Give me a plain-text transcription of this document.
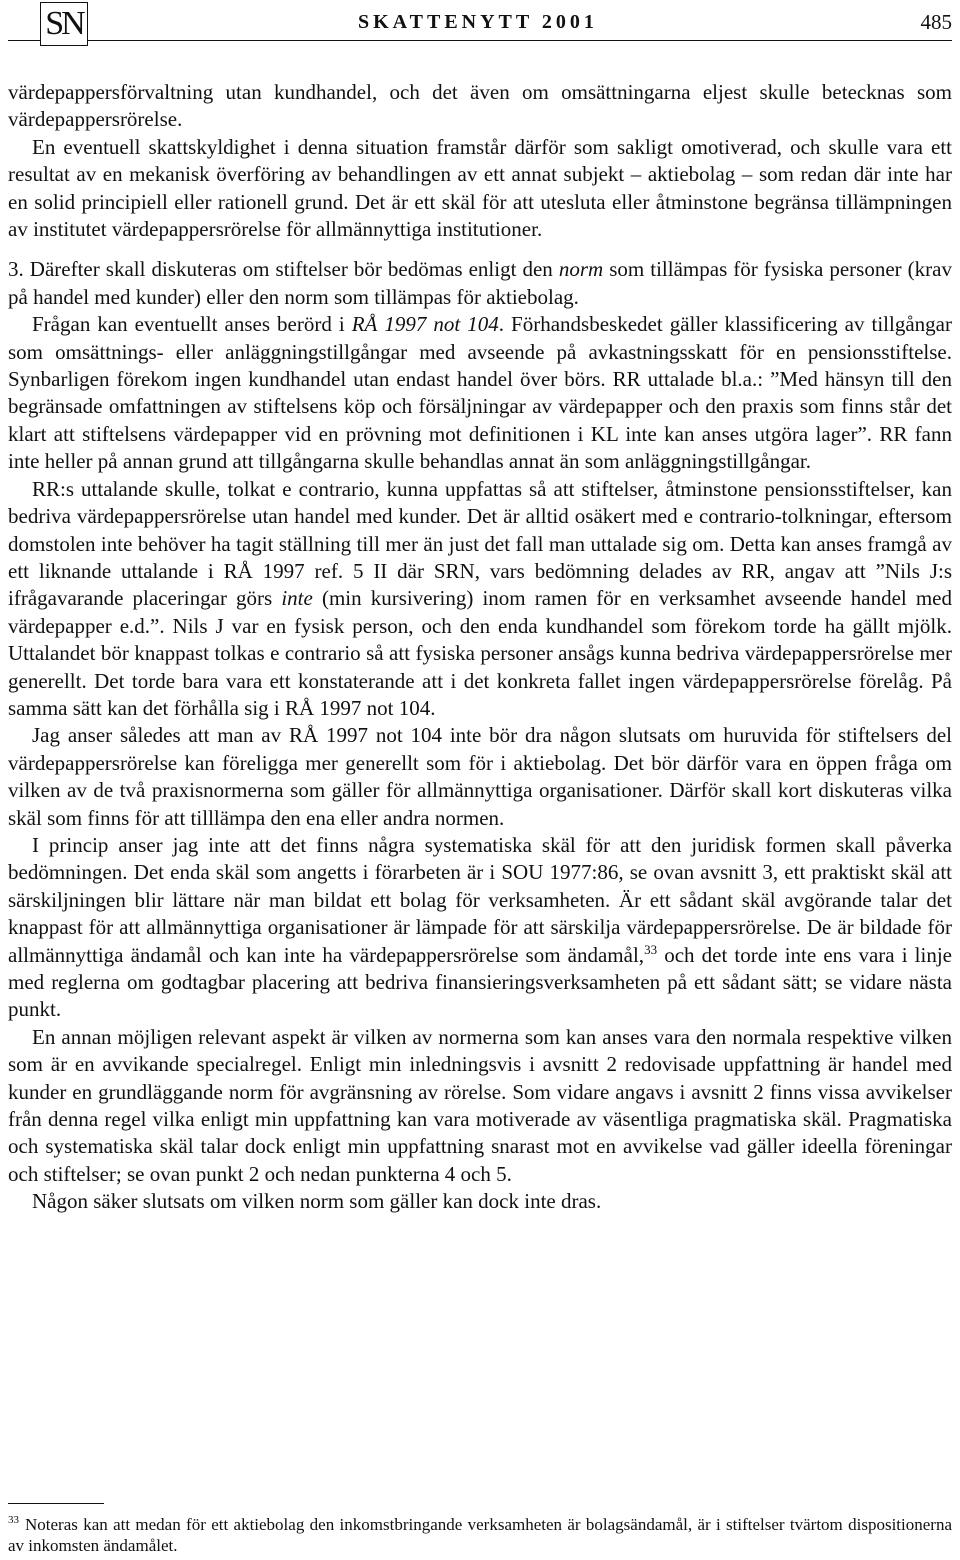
SN	SKATTENYTT 2001	485

värdepappersförvaltning utan kundhandel, och det även om omsättningarna eljest skulle betecknas som värdepappersrörelse.

En eventuell skattskyldighet i denna situation framstår därför som sakligt omotiverad, och skulle vara ett resultat av en mekanisk överföring av behandlingen av ett annat subjekt – aktiebolag – som redan där inte har en solid principiell eller rationell grund. Det är ett skäl för att utesluta eller åtminstone begränsa tillämpningen av institutet värdepappersrörelse för allmännyttiga institutioner.

3. Därefter skall diskuteras om stiftelser bör bedömas enligt den norm som tillämpas för fysiska personer (krav på handel med kunder) eller den norm som tillämpas för aktiebolag.

Frågan kan eventuellt anses berörd i RÅ 1997 not 104. Förhandsbeskedet gäller klassificering av tillgångar som omsättnings- eller anläggningstillgångar med avseende på avkastningsskatt för en pensionsstiftelse. Synbarligen förekom ingen kundhandel utan endast handel över börs. RR uttalade bl.a.: ”Med hänsyn till den begränsade omfattningen av stiftelsens köp och försäljningar av värdepapper och den praxis som finns står det klart att stiftelsens värdepapper vid en prövning mot definitionen i KL inte kan anses utgöra lager”. RR fann inte heller på annan grund att tillgångarna skulle behandlas annat än som anläggningstillgångar.

RR:s uttalande skulle, tolkat e contrario, kunna uppfattas så att stiftelser, åtminstone pensionsstiftelser, kan bedriva värdepappersrörelse utan handel med kunder. Det är alltid osäkert med e contrario-tolkningar, eftersom domstolen inte behöver ha tagit ställning till mer än just det fall man uttalade sig om. Detta kan anses framgå av ett liknande uttalande i RÅ 1997 ref. 5 II där SRN, vars bedömning delades av RR, angav att ”Nils J:s ifrågavarande placeringar görs inte (min kursivering) inom ramen för en verksamhet avseende handel med värdepapper e.d.”. Nils J var en fysisk person, och den enda kundhandel som förekom torde ha gällt mjölk. Uttalandet bör knappast tolkas e contrario så att fysiska personer ansågs kunna bedriva värdepappersrörelse mer generellt. Det torde bara vara ett konstaterande att i det konkreta fallet ingen värdepappersrörelse förelåg. På samma sätt kan det förhålla sig i RÅ 1997 not 104.

Jag anser således att man av RÅ 1997 not 104 inte bör dra någon slutsats om huruvida för stiftelsers del värdepappersrörelse kan föreligga mer generellt som för i aktiebolag. Det bör därför vara en öppen fråga om vilken av de två praxisnormerna som gäller för allmännyttiga organisationer. Därför skall kort diskuteras vilka skäl som finns för att tilllämpa den ena eller andra normen.

I princip anser jag inte att det finns några systematiska skäl för att den juridisk formen skall påverka bedömningen. Det enda skäl som angetts i förarbeten är i SOU 1977:86, se ovan avsnitt 3, ett praktiskt skäl att särskiljningen blir lättare när man bildat ett bolag för verksamheten. Är ett sådant skäl avgörande talar det knappast för att allmännyttiga organisationer är lämpade för att särskilja värdepappersrörelse. De är bildade för allmännyttiga ändamål och kan inte ha värdepappersrörelse som ändamål,$^{33}$ och det torde inte ens vara i linje med reglerna om godtagbar placering att bedriva finansieringsverksamheten på ett sådant sätt; se vidare nästa punkt.

En annan möjligen relevant aspekt är vilken av normerna som kan anses vara den normala respektive vilken som är en avvikande specialregel. Enligt min inledningsvis i avsnitt 2 redovisade uppfattning är handel med kunder en grundläggande norm för avgränsning av rörelse. Som vidare angavs i avsnitt 2 finns vissa avvikelser från denna regel vilka enligt min uppfattning kan vara motiverade av väsentliga pragmatiska skäl. Pragmatiska och systematiska skäl talar dock enligt min uppfattning snarast mot en avvikelse vad gäller ideella föreningar och stiftelser; se ovan punkt 2 och nedan punkterna 4 och 5.

Någon säker slutsats om vilken norm som gäller kan dock inte dras.

$^{33}$ Noteras kan att medan för ett aktiebolag den inkomstbringande verksamheten är bolagsändamål, är i stiftelser tvärtom dispositionerna av inkomsten ändamålet.
